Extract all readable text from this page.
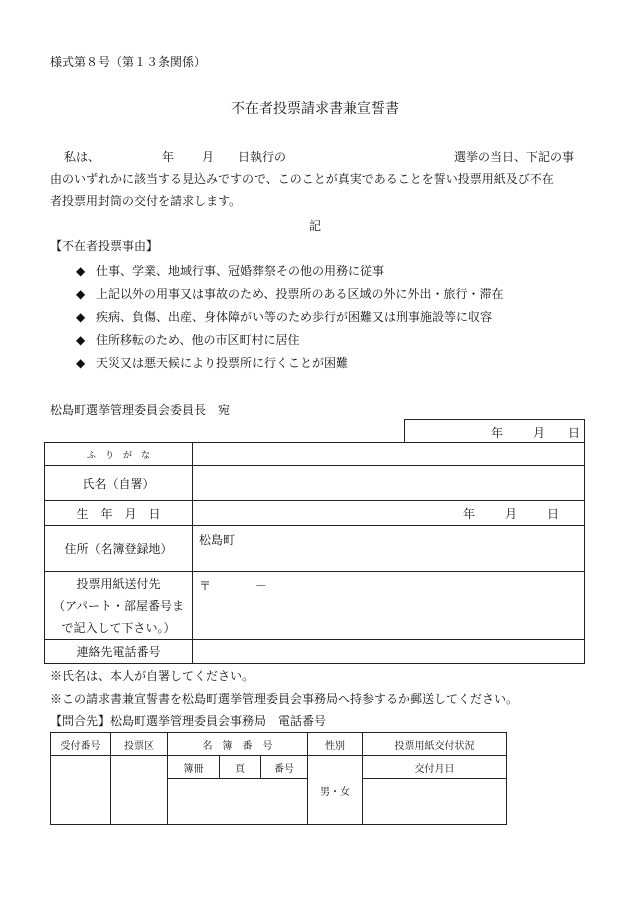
様式第８号（第１３条関係）
不在者投票請求書兼宣誓書
私は、	年 月 日執行の	選挙の当日、下記の事
由のいずれかに該当する見込みですので、このことが真実であることを誓い投票用紙及び不在
者投票用封筒の交付を請求します。
記
【不在者投票事由】
◆ 仕事、学業、地域行事、冠婚葬祭その他の用務に従事
◆ 上記以外の用事又は事故のため、投票所のある区域の外に外出・旅行・滞在
◆ 疾病、負傷、出産、身体障がい等のため歩行が困難又は刑事施設等に収容
◆ 住所移転のため、他の市区町村に居住
◆ 天災又は悪天候により投票所に行くことが困難
松島町選挙管理委員会委員長　宛
年 月 日
ふ　り　が　な	
氏名（自署）	
生　年　月　日	年 月 日

住所（名簿登録地）	松島町

投票用紙送付先
（アパート・部屋番号ま
で記入して下さい。）	〒 －
連絡先電話番号	
※氏名は、本人が自署してください。
※この請求書兼宣誓書を松島町選挙管理委員会事務局へ持参するか郵送してください。
【問合先】松島町選挙管理委員会事務局　電話番号
受付番号	投票区	名　簿　番　号			性別	投票用紙交付状況
		簿冊	頁	番号	男・女	交付月日
